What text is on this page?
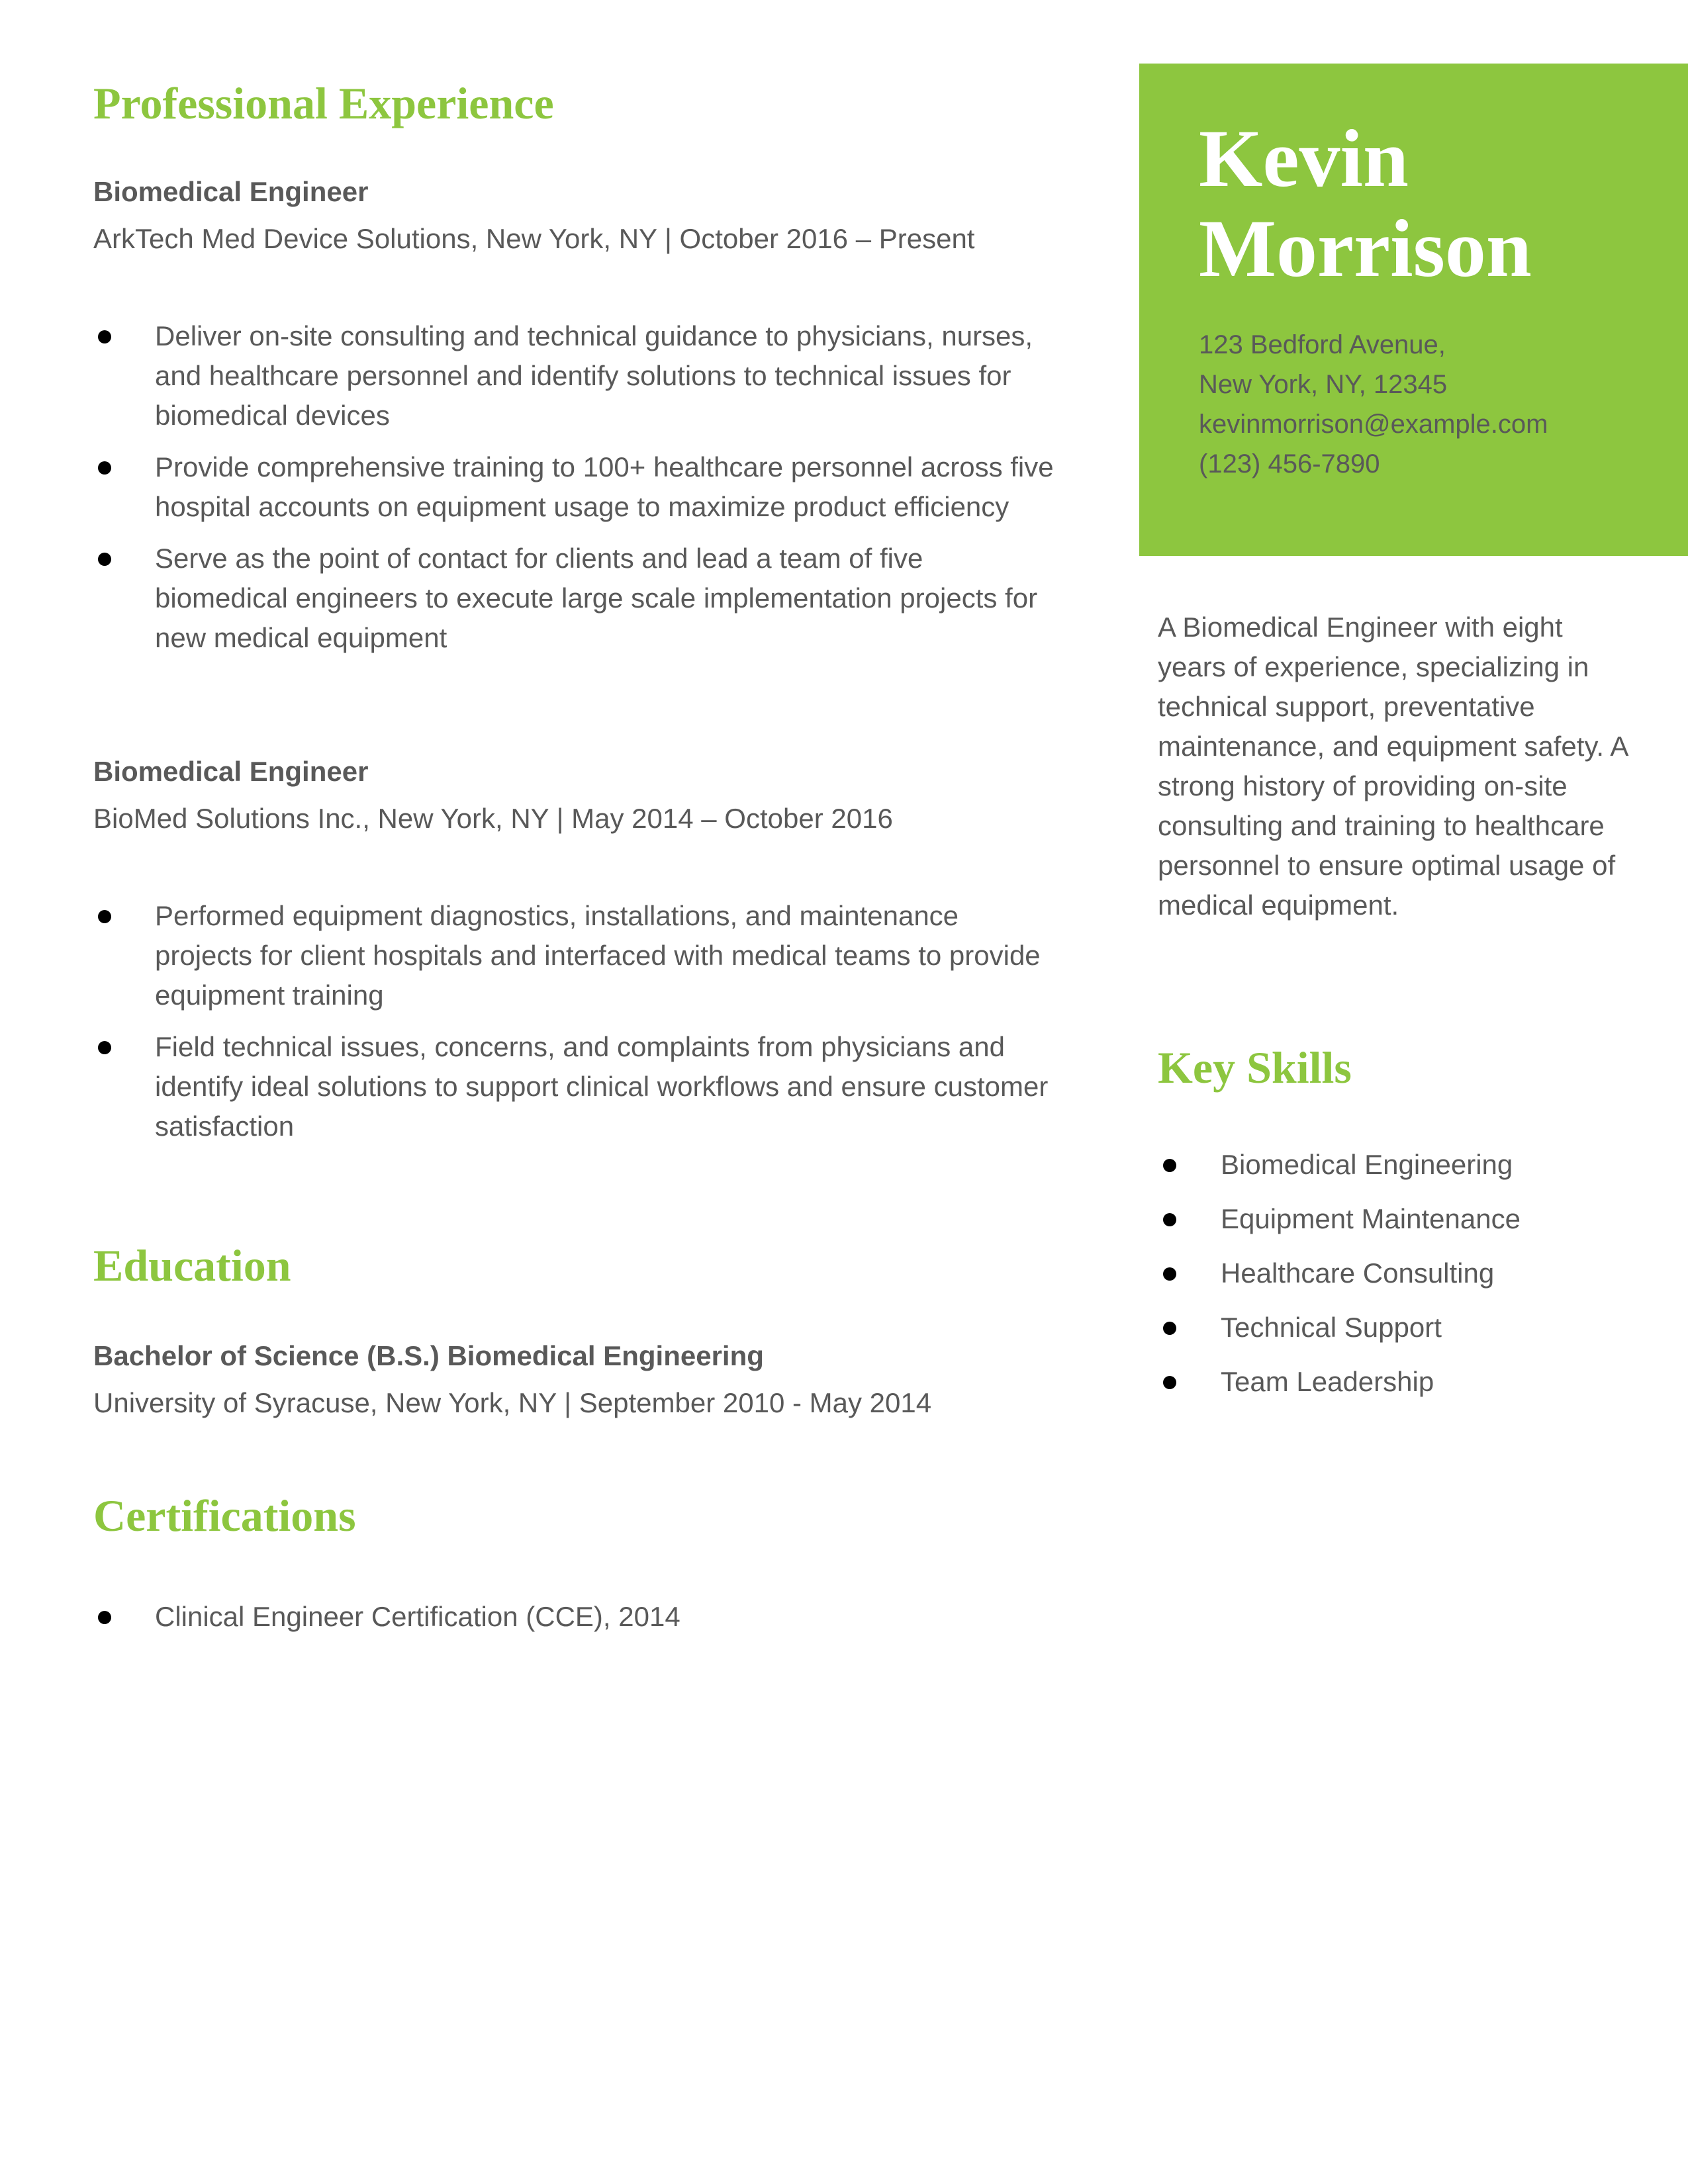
Professional Experience
Biomedical Engineer
ArkTech Med Device Solutions, New York, NY | October 2016 – Present
Deliver on-site consulting and technical guidance to physicians, nurses, and healthcare personnel and identify solutions to technical issues for biomedical devices
Provide comprehensive training to 100+ healthcare personnel across five hospital accounts on equipment usage to maximize product efficiency
Serve as the point of contact for clients and lead a team of five biomedical engineers to execute large scale implementation projects for new medical equipment
Biomedical Engineer
BioMed Solutions Inc., New York, NY | May 2014 – October 2016
Performed equipment diagnostics, installations, and maintenance projects for client hospitals and interfaced with medical teams to provide equipment training
Field technical issues, concerns, and complaints from physicians and identify ideal solutions to support clinical workflows and ensure customer satisfaction
Education
Bachelor of Science (B.S.) Biomedical Engineering
University of Syracuse, New York, NY | September 2010 - May 2014
Certifications
Clinical Engineer Certification (CCE), 2014
Kevin
Morrison
123 Bedford Avenue,
New York, NY, 12345
kevinmorrison@example.com
(123) 456-7890
A Biomedical Engineer with eight years of experience, specializing in technical support, preventative maintenance, and equipment safety. A strong history of providing on-site consulting and training to healthcare personnel to ensure optimal usage of medical equipment.
Key Skills
Biomedical Engineering
Equipment Maintenance
Healthcare Consulting
Technical Support
Team Leadership
